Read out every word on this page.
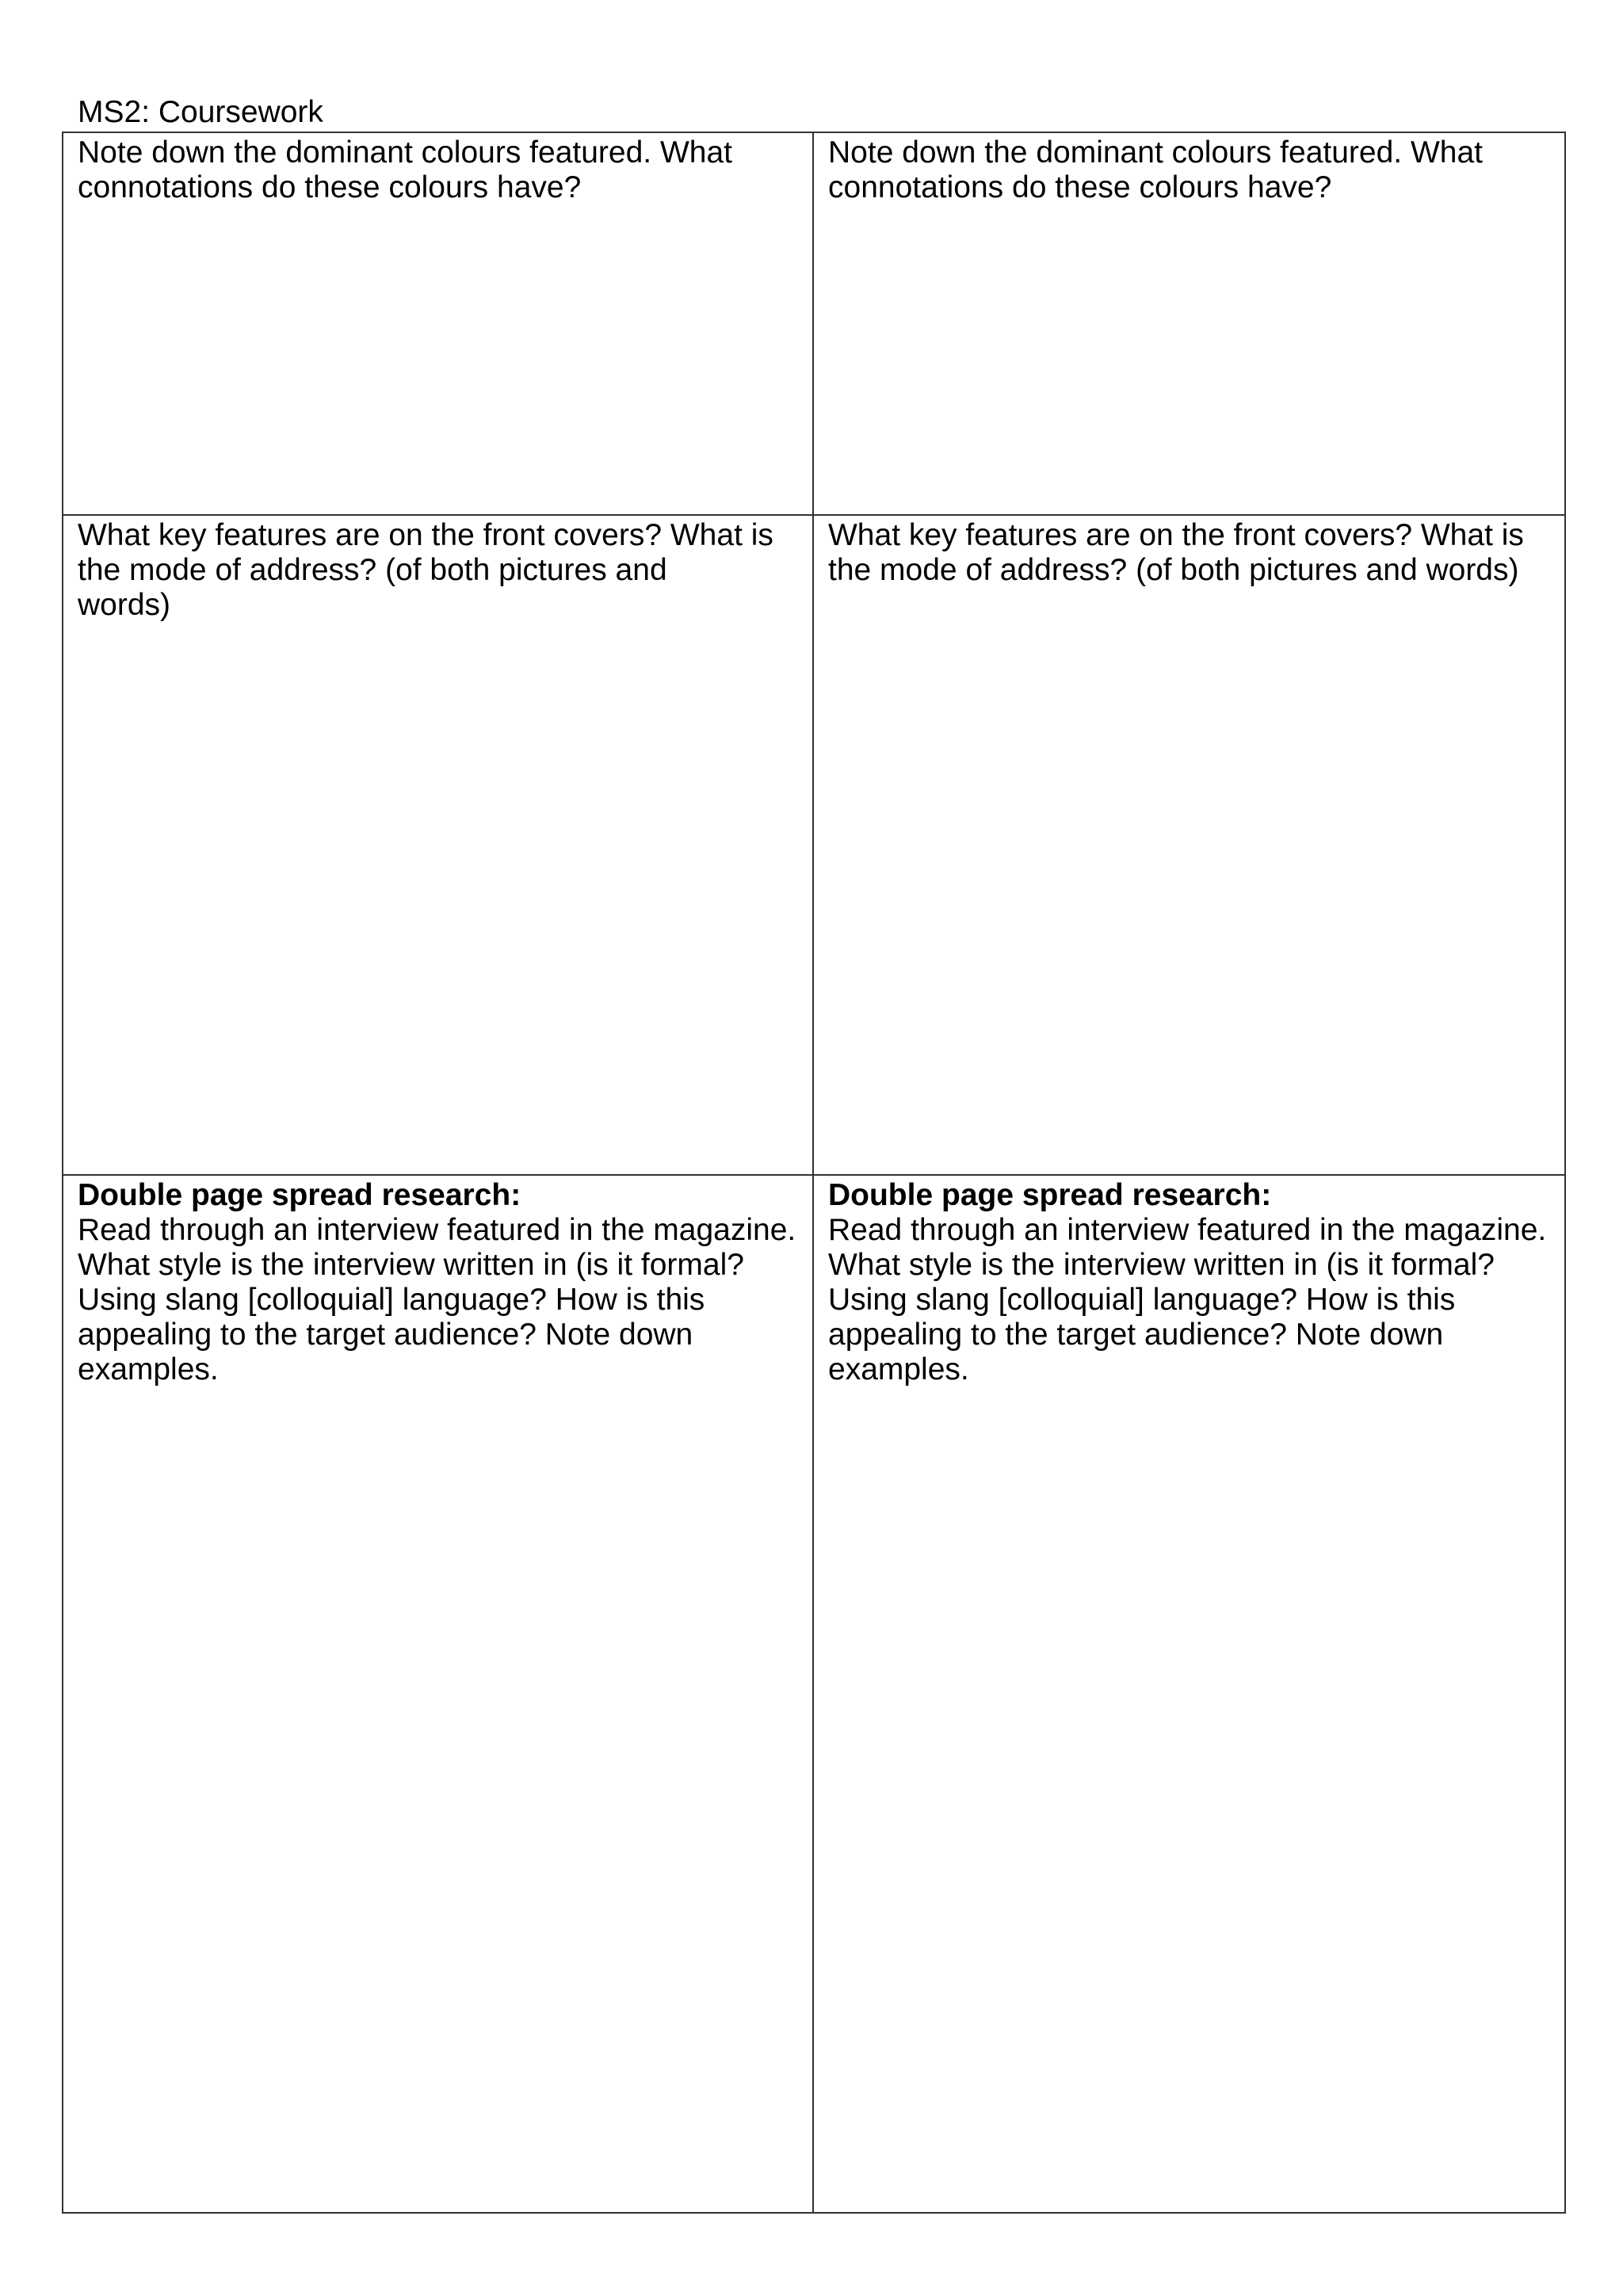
MS2: Coursework

Note down the dominant colours featured. What connotations do these colours have?

Note down the dominant colours featured. What connotations do these colours have?

What key features are on the front covers? What is

the mode of address? (of both pictures and

words)

What key features are on the front covers? What is

the mode of address? (of both pictures and words)

Double page spread research:

Read through an interview featured in the magazine.

What style is the interview written in (is it formal?

Using slang [colloquial] language? How is this

appealing to the target audience? Note down

examples.

Double page spread research:

Read through an interview featured in the magazine.

What style is the interview written in (is it formal?

Using slang [colloquial] language? How is this

appealing to the target audience? Note down

examples.
